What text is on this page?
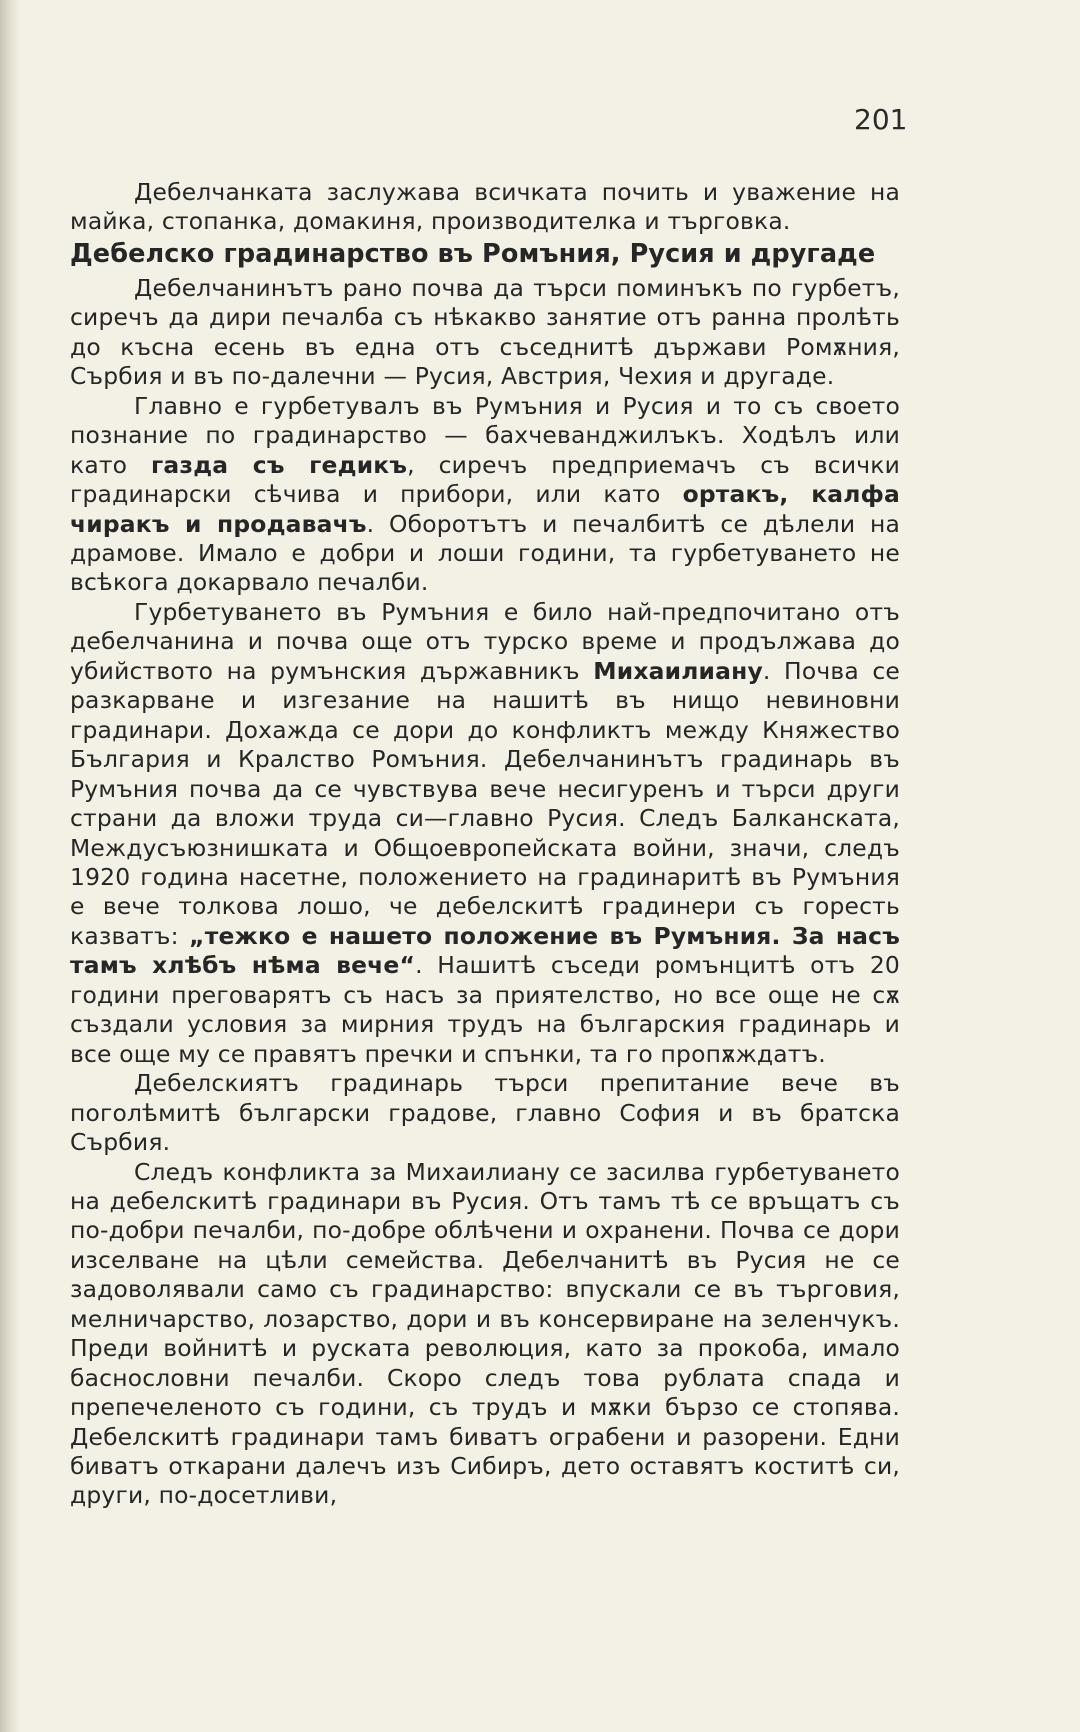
201

Дебелчанката заслужава всичката почить и уважение на майка, стопанка, домакиня, производителка и търговка.

Дебелско градинарство въ Ромъния, Русия и другаде

Дебелчанинътъ рано почва да търси поминъкъ по гурбетъ, сиречъ да дири печалба съ нѣкакво занятие отъ ранна пролѣть до късна есень въ една отъ съседнитѣ държави Ромѫния, Сърбия и въ по-далечни — Русия, Австрия, Чехия и другаде.

Главно е гурбетувалъ въ Румъния и Русия и то съ своето познание по градинарство — бахчеванджилъкъ. Ходѣлъ или като газда съ гедикъ, сиречъ предприемачъ съ всички градинарски сѣчива и прибори, или като ортакъ, калфа чиракъ и продавачъ. Оборотътъ и печалбитѣ се дѣлели на драмове. Имало е добри и лоши години, та гурбетуването не всѣкога докарвало печалби.

Гурбетуването въ Румъния е било най-предпочитано отъ дебелчанина и почва още отъ турско време и продължава до убийството на румънския държавникъ Михаилиану. Почва се разкарване и изгезание на нашитѣ въ нищо невиновни градинари. Дохажда се дори до конфликтъ между Княжество България и Кралство Ромъния. Дебелчанинътъ градинарь въ Румъния почва да се чувствува вече несигуренъ и търси други страни да вложи труда си—главно Русия. Следъ Балканската, Междусъюзнишката и Общоевропейската войни, значи, следъ 1920 година насетне, положението на градинаритѣ въ Румъния е вече толкова лошо, че дебелскитѣ градинери съ горесть казватъ: „тежко е нашето положение въ Румъния. За насъ тамъ хлѣбъ нѣма вече“. Нашитѣ съседи ромънцитѣ отъ 20 години преговарятъ съ насъ за приятелство, но все още не сѫ създали условия за мирния трудъ на българския градинарь и все още му се правятъ пречки и спънки, та го пропѫждатъ.

Дебелскиятъ градинарь търси препитание вече въ поголѣмитѣ български градове, главно София и въ братска Сърбия.

Следъ конфликта за Михаилиану се засилва гурбетуването на дебелскитѣ градинари въ Русия. Отъ тамъ тѣ се връщатъ съ по-добри печалби, по-добре облѣчени и охранени. Почва се дори изселване на цѣли семейства. Дебелчанитѣ въ Русия не се задоволявали само съ градинарство: впускали се въ търговия, мелничарство, лозарство, дори и въ консервиране на зеленчукъ. Преди войнитѣ и руската революция, като за прокоба, имало баснословни печалби. Скоро следъ това рублата спада и препечеленото съ години, съ трудъ и мѫки бързо се стопява. Дебелскитѣ градинари тамъ биватъ ограбени и разорени. Едни биватъ откарани далечъ изъ Сибиръ, дето оставятъ коститѣ си, други, по-досетливи,
